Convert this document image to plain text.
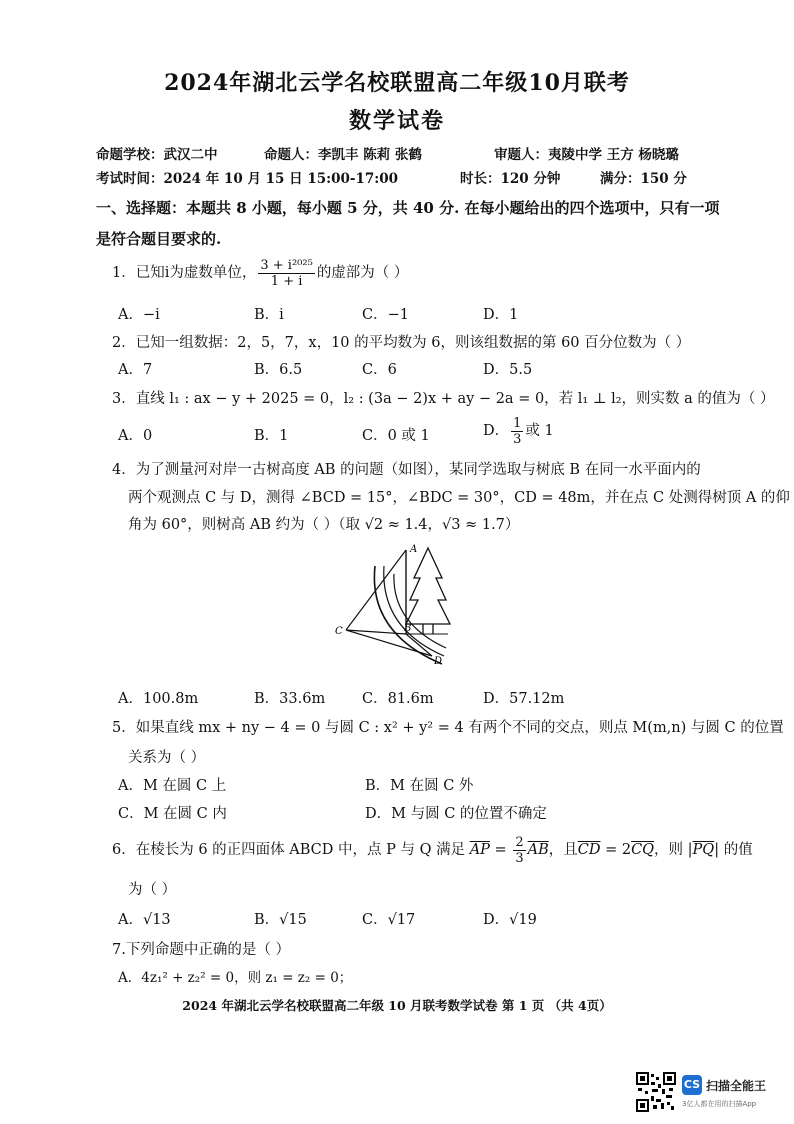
2024年湖北云学名校联盟高二年级10月联考
数学试卷
命题学校：武汉二中	命题人：李凯丰 陈莉 张鹤	审题人：夷陵中学 王方 杨晓璐
考试时间：2024 年 10 月 15 日 15:00-17:00	时长：120 分钟	满分：150 分
一、选择题：本题共 8 小题，每小题 5 分，共 40 分. 在每小题给出的四个选项中，只有一项
是符合题目要求的.
1．已知i为虚数单位， $\frac{\text{3 + i²⁰²⁵}}{1 + i}$ 的虚部为（ ）
A．−i	B．i	C．−1	D．1
2．已知一组数据：2，5，7，x，10 的平均数为 6，则该组数据的第 60 百分位数为（ ）
A．7	B．6.5	C．6	D．5.5
3．直线 l₁ : ax − y + 2025 = 0，l₂ : (3a − 2)x + ay − 2a = 0，若 l₁ ⊥ l₂，则实数 a 的值为（ ）
A．0	B．1	C．0 或 1	D． $\frac{1}{3}$ 或 1
4．为了测量河对岸一古树高度 AB 的问题（如图），某同学选取与树底 B 在同一水平面内的
两个观测点 C 与 D，测得 ∠BCD = 15°，∠BDC = 30°，CD = 48m，并在点 C 处测得树顶 A 的仰
角为 60°，则树高 AB 约为（ ）（取 √2 ≈ 1.4，√3 ≈ 1.7）
A
B
C
D
A．100.8m	B．33.6m	C．81.6m	D．57.12m
5．如果直线 mx + ny − 4 = 0 与圆 C : x² + y² = 4 有两个不同的交点，则点 M(m,n) 与圆 C 的位置
关系为（ ）
A．M 在圆 C 上	B．M 在圆 C 外
C．M 在圆 C 内	D．M 与圆 C 的位置不确定
6．在棱长为 6 的正四面体 ABCD 中，点 P 与 Q 满足 $\overline{AP} = \frac{2}{3} \overline{AB}$，且$\overline{CD} = 2\overline{CQ}$，则 $|\overline{PQ}|$ 的值
为（ ）
A．√13	B．√15	C．√17	D．√19
7.下列命题中正确的是（ ）
A．4z₁² + z₂² = 0，则 z₁ = z₂ = 0；
2024 年湖北云学名校联盟高二年级 10 月联考数学试卷 第 1 页 （共 4页）
CS 扫描全能王
3亿人都在用的扫描App
